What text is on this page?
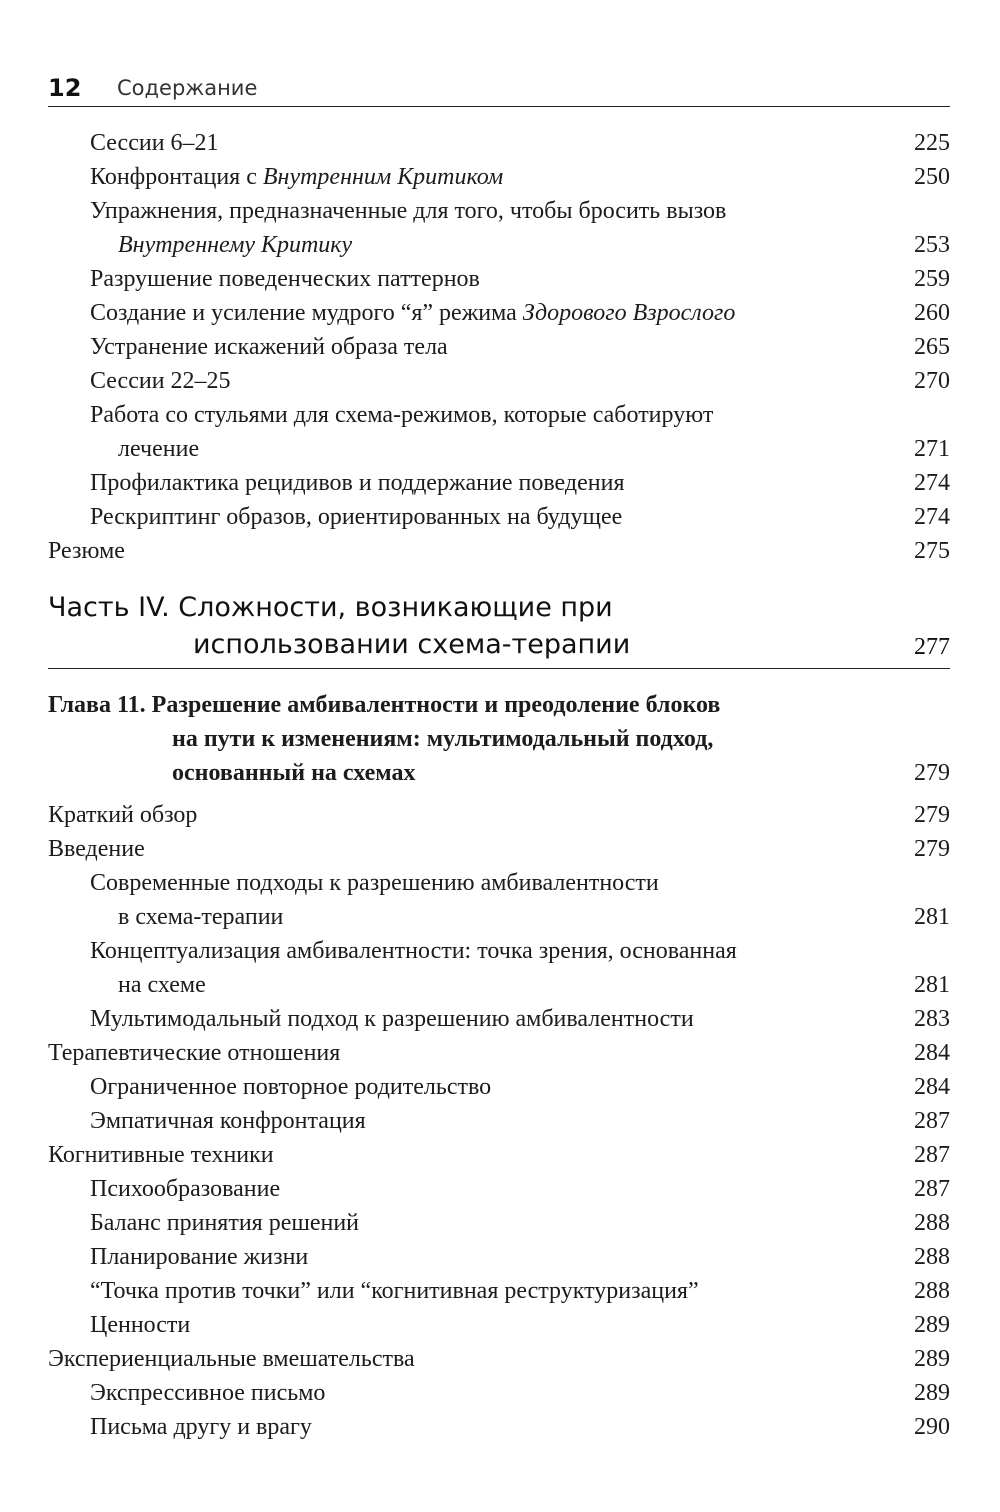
12 Содержание
Сессии 6–21	225
Конфронтация с Внутренним Критиком	250
Упражнения, предназначенные для того, чтобы бросить вызов
Внутреннему Критику	253
Разрушение поведенческих паттернов	259
Создание и усиление мудрого “я” режима Здорового Взрослого	260
Устранение искажений образа тела	265
Сессии 22–25	270
Работа со стульями для схема-режимов, которые саботируют
лечение	271
Профилактика рецидивов и поддержание поведения	274
Рескриптинг образов, ориентированных на будущее	274
Резюме	275
Часть IV. Сложности, возникающие при
использовании схема-терапии	277
Глава 11. Разрешение амбивалентности и преодоление блоков
на пути к изменениям: мультимодальный подход,
основанный на схемах	279
Краткий обзор	279
Введение	279
Современные подходы к разрешению амбивалентности
в схема-терапии	281
Концептуализация амбивалентности: точка зрения, основанная
на схеме	281
Мультимодальный подход к разрешению амбивалентности	283
Терапевтические отношения	284
Ограниченное повторное родительство	284
Эмпатичная конфронтация	287
Когнитивные техники	287
Психообразование	287
Баланс принятия решений	288
Планирование жизни	288
“Точка против точки” или “когнитивная реструктуризация”	288
Ценности	289
Экспериенциальные вмешательства	289
Экспрессивное письмо	289
Письма другу и врагу	290
